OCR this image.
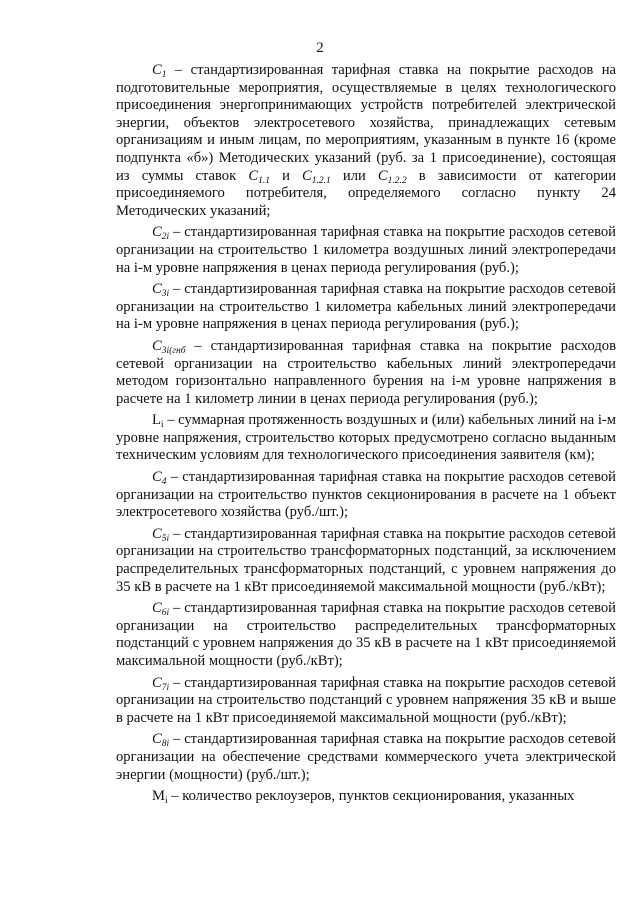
2

$C_1$ – стандартизированная тарифная ставка на покрытие расходов на подготовительные мероприятия, осуществляемые в целях технологического присоединения энергопринимающих устройств потребителей электрической энергии, объектов электросетевого хозяйства, принадлежащих сетевым организациям и иным лицам, по мероприятиям, указанным в пункте 16 (кроме подпункта «б») Методических указаний (руб. за 1 присоединение), состоящая из суммы ставок $C_{1.1}$ и $C_{1.2.1}$ или $C_{1.2.2}$ в зависимости от категории присоединяемого потребителя, определяемого согласно пункту 24 Методических указаний;

$C_{2i}$ – стандартизированная тарифная ставка на покрытие расходов сетевой организации на строительство 1 километра воздушных линий электропередачи на i-м уровне напряжения в ценах периода регулирования (руб.);

$C_{3i}$ – стандартизированная тарифная ставка на покрытие расходов сетевой организации на строительство 1 километра кабельных линий электропередачи на i-м уровне напряжения в ценах периода регулирования (руб.);

$C_{3i(гнб}$ – стандартизированная тарифная ставка на покрытие расходов сетевой организации на строительство кабельных линий электропередачи методом горизонтально направленного бурения на i-м уровне напряжения в расчете на 1 километр линии в ценах периода регулирования (руб.);

$L_i$ – суммарная протяженность воздушных и (или) кабельных линий на i-м уровне напряжения, строительство которых предусмотрено согласно выданным техническим условиям для технологического присоединения заявителя (км);

$C_4$ – стандартизированная тарифная ставка на покрытие расходов сетевой организации на строительство пунктов секционирования в расчете на 1 объект электросетевого хозяйства (руб./шт.);

$C_{5i}$ – стандартизированная тарифная ставка на покрытие расходов сетевой организации на строительство трансформаторных подстанций, за исключением распределительных трансформаторных подстанций, с уровнем напряжения до 35 кВ в расчете на 1 кВт присоединяемой максимальной мощности (руб./кВт);

$C_{6i}$ – стандартизированная тарифная ставка на покрытие расходов сетевой организации на строительство распределительных трансформаторных подстанций с уровнем напряжения до 35 кВ в расчете на 1 кВт присоединяемой максимальной мощности (руб./кВт);

$C_{7i}$ – стандартизированная тарифная ставка на покрытие расходов сетевой организации на строительство подстанций с уровнем напряжения 35 кВ и выше в расчете на 1 кВт присоединяемой максимальной мощности (руб./кВт);

$C_{8i}$ – стандартизированная тарифная ставка на покрытие расходов сетевой организации на обеспечение средствами коммерческого учета электрической энергии (мощности) (руб./шт.);

$M_i$ – количество реклоузеров, пунктов секционирования, указанных
